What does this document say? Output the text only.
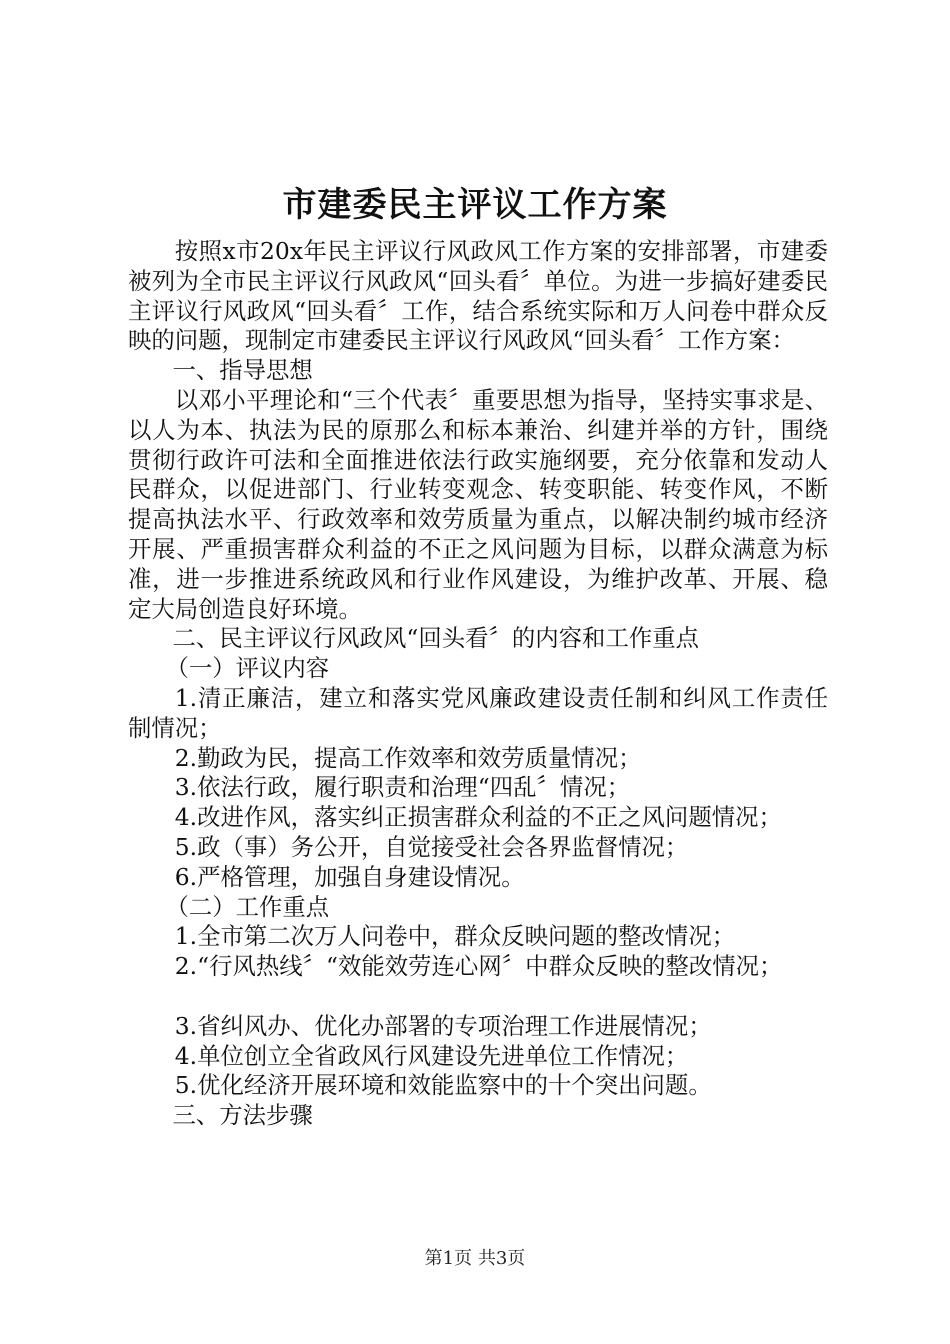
市建委民主评议工作方案

按照x市20x年民主评议行风政风工作方案的安排部署，市建委被列为全市民主评议行风政风“回头看〞单位。为进一步搞好建委民主评议行风政风“回头看〞工作，结合系统实际和万人问卷中群众反映的问题，现制定市建委民主评议行风政风“回头看〞工作方案：

一、指导思想

以邓小平理论和“三个代表〞重要思想为指导，坚持实事求是、以人为本、执法为民的原那么和标本兼治、纠建并举的方针，围绕贯彻行政许可法和全面推进依法行政实施纲要，充分依靠和发动人民群众，以促进部门、行业转变观念、转变职能、转变作风，不断提高执法水平、行政效率和效劳质量为重点，以解决制约城市经济开展、严重损害群众利益的不正之风问题为目标，以群众满意为标准，进一步推进系统政风和行业作风建设，为维护改革、开展、稳定大局创造良好环境。

二、民主评议行风政风“回头看〞的内容和工作重点

（一）评议内容

1.清正廉洁，建立和落实党风廉政建设责任制和纠风工作责任制情况；

2.勤政为民，提高工作效率和效劳质量情况；

3.依法行政，履行职责和治理“四乱〞情况；

4.改进作风，落实纠正损害群众利益的不正之风问题情况；

5.政（事）务公开，自觉接受社会各界监督情况；

6.严格管理，加强自身建设情况。

（二）工作重点

1.全市第二次万人问卷中，群众反映问题的整改情况；

2.“行风热线〞“效能效劳连心网〞中群众反映的整改情况；

3.省纠风办、优化办部署的专项治理工作进展情况；

4.单位创立全省政风行风建设先进单位工作情况；

5.优化经济开展环境和效能监察中的十个突出问题。

三、方法步骤

第1页 共3页
